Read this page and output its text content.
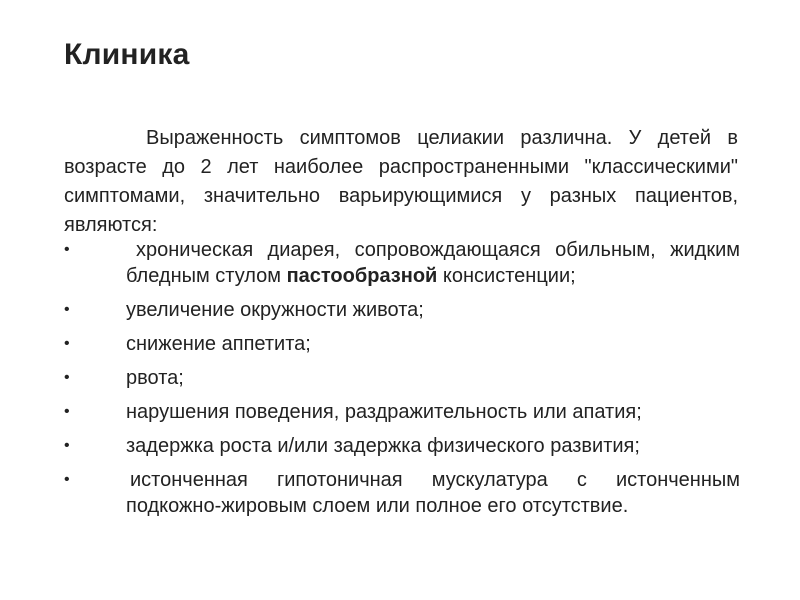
Клиника

Выраженность симптомов целиакии различна. У детей в возрасте до 2 лет наиболее распространенными "классическими" симптомами, значительно варьирующимися у разных пациентов, являются:

•	хроническая диарея, сопровождающаяся обильным, жидким бледным стулом пастообразной консистенции;
•	увеличение окружности живота;
•	снижение аппетита;
•	рвота;
•	нарушения поведения, раздражительность или апатия;
•	задержка роста и/или задержка физического развития;
•	истонченная гипотоничная мускулатура с истонченным подкожно-жировым слоем или полное его отсутствие.
